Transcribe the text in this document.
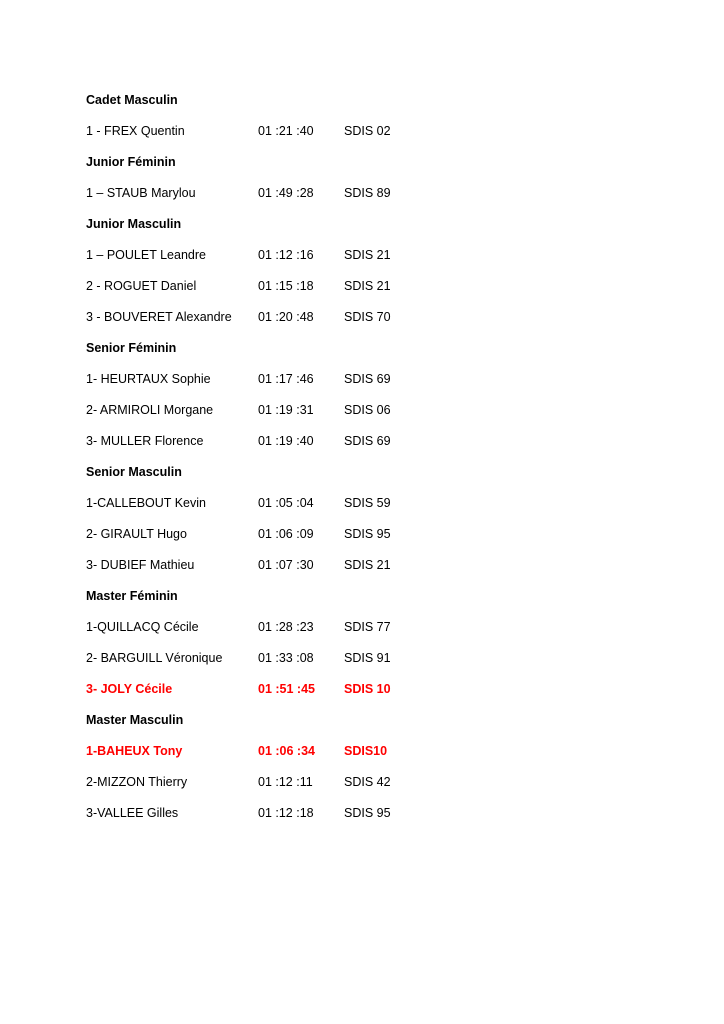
Cadet Masculin
1 - FREX Quentin	01 :21 :40	SDIS 02
Junior Féminin
1 – STAUB Marylou	01 :49 :28	SDIS 89
Junior Masculin
1 – POULET Leandre	01 :12 :16	SDIS 21
2 - ROGUET Daniel	01 :15 :18	SDIS 21
3 - BOUVERET Alexandre	01 :20 :48	SDIS 70
Senior Féminin
1- HEURTAUX Sophie	01 :17 :46	SDIS 69
2- ARMIROLI Morgane	01 :19 :31	SDIS 06
3- MULLER Florence	01 :19 :40	SDIS 69
Senior Masculin
1-CALLEBOUT Kevin	01 :05 :04	SDIS 59
2- GIRAULT Hugo	01 :06 :09	SDIS 95
3- DUBIEF Mathieu	01 :07 :30	SDIS 21
Master Féminin
1-QUILLACQ Cécile	01 :28 :23	SDIS 77
2- BARGUILL Véronique	01 :33 :08	SDIS 91
3- JOLY Cécile	01 :51 :45	SDIS 10
Master Masculin
1-BAHEUX Tony	01 :06 :34	SDIS10
2-MIZZON Thierry	01 :12 :11	SDIS 42
3-VALLEE Gilles	01 :12 :18	SDIS 95
